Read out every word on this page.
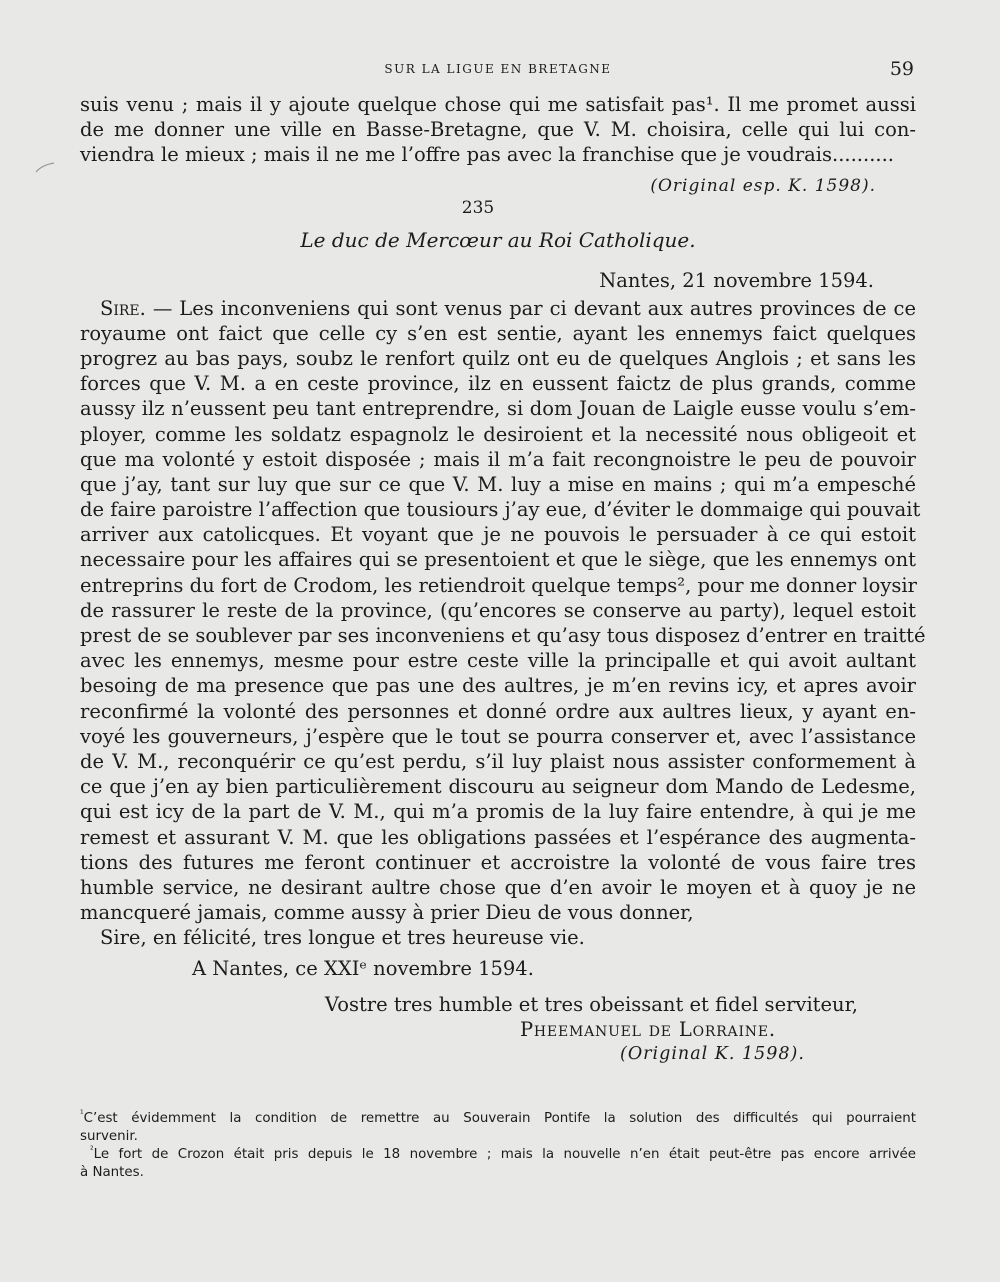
SUR LA LIGUE EN BRETAGNE	59
suis venu ; mais il y ajoute quelque chose qui me satisfait pas¹. Il me promet aussi
de me donner une ville en Basse-Bretagne, que V. M. choisira, celle qui lui con-
viendra le mieux ; mais il ne me l’offre pas avec la franchise que je voudrais..........
(Original esp. K. 1598).
235
Le duc de Mercœur au Roi Catholique.
Nantes, 21 novembre 1594.
Sire. — Les inconveniens qui sont venus par ci devant aux autres provinces de ce
royaume ont faict que celle cy s’en est sentie, ayant les ennemys faict quelques
progrez au bas pays, soubz le renfort quilz ont eu de quelques Anglois ; et sans les
forces que V. M. a en ceste province, ilz en eussent faictz de plus grands, comme
aussy ilz n’eussent peu tant entreprendre, si dom Jouan de Laigle eusse voulu s’em-
ployer, comme les soldatz espagnolz le desiroient et la necessité nous obligeoit et
que ma volonté y estoit disposée ; mais il m’a fait recongnoistre le peu de pouvoir
que j’ay, tant sur luy que sur ce que V. M. luy a mise en mains ; qui m’a empesché
de faire paroistre l’affection que tousiours j’ay eue, d’éviter le dommaige qui pouvait
arriver aux catolicques. Et voyant que je ne pouvois le persuader à ce qui estoit
necessaire pour les affaires qui se presentoient et que le siège, que les ennemys ont
entreprins du fort de Crodom, les retiendroit quelque temps², pour me donner loysir
de rassurer le reste de la province, (qu’encores se conserve au party), lequel estoit
prest de se soublever par ses inconveniens et qu’asy tous disposez d’entrer en traitté
avec les ennemys, mesme pour estre ceste ville la principalle et qui avoit aultant
besoing de ma presence que pas une des aultres, je m’en revins icy, et apres avoir
reconfirmé la volonté des personnes et donné ordre aux aultres lieux, y ayant en-
voyé les gouverneurs, j’espère que le tout se pourra conserver et, avec l’assistance
de V. M., reconquérir ce qu’est perdu, s’il luy plaist nous assister conformement à
ce que j’en ay bien particulièrement discouru au seigneur dom Mando de Ledesme,
qui est icy de la part de V. M., qui m’a promis de la luy faire entendre, à qui je me
remest et assurant V. M. que les obligations passées et l’espérance des augmenta-
tions des futures me feront continuer et accroistre la volonté de vous faire tres
humble service, ne desirant aultre chose que d’en avoir le moyen et à quoy je ne
mancqueré jamais, comme aussy à prier Dieu de vous donner,
Sire, en félicité, tres longue et tres heureuse vie.
A Nantes, ce XXIᵉ novembre 1594.
Vostre tres humble et tres obeissant et fidel serviteur,
Pheemanuel de Lorraine.
(Original K. 1598).
$^{^1}$C’est évidemment la condition de remettre au Souverain Pontife la solution des difficultés qui pourraient
survenir.
$^{^2}$Le fort de Crozon était pris depuis le 18 novembre ; mais la nouvelle n’en était peut-être pas encore arrivée
à Nantes.
